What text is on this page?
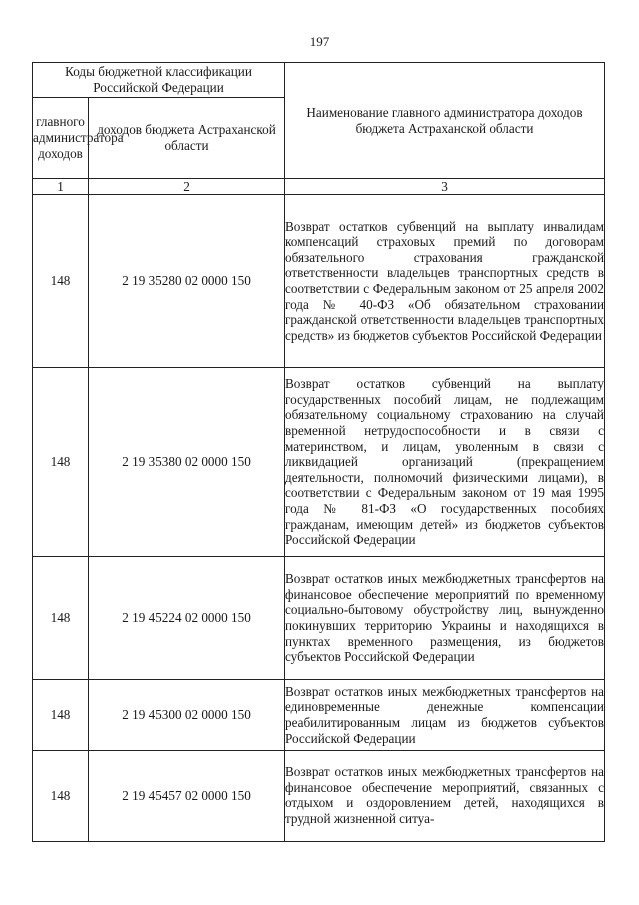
197
Коды бюджетной классификации Российской Федерации		Наименование главного администратора доходов бюджета Астраханской области
главного администратора доходов	доходов бюджета Астраханской области	
1	2	3
148	2 19 35280 02 0000 150	Возврат остатков субвенций на выплату инвалидам компенсаций страховых премий по договорам обязательного страхования гражданской ответственности владельцев транспортных средств в соответствии с Федеральным законом от 25 апреля 2002 года № 40-ФЗ «Об обязательном страховании гражданской ответственности владельцев транспортных средств» из бюджетов субъектов Российской Федерации
148	2 19 35380 02 0000 150	Возврат остатков субвенций на выплату государственных пособий лицам, не подлежащим обязательному социальному страхованию на случай временной нетрудоспособности и в связи с материнством, и лицам, уволенным в связи с ликвидацией организаций (прекращением деятельности, полномочий физическими лицами), в соответствии с Федеральным законом от 19 мая 1995 года № 81-ФЗ «О государственных пособиях гражданам, имеющим детей» из бюджетов субъектов Российской Федерации
148	2 19 45224 02 0000 150	Возврат остатков иных межбюджетных трансфертов на финансовое обеспечение мероприятий по временному социально-бытовому обустройству лиц, вынужденно покинувших территорию Украины и находящихся в пунктах временного размещения, из бюджетов субъектов Российской Федерации
148	2 19 45300 02 0000 150	Возврат остатков иных межбюджетных трансфертов на единовременные денежные компенсации реабилитированным лицам из бюджетов субъектов Российской Федерации
148	2 19 45457 02 0000 150	Возврат остатков иных межбюджетных трансфертов на финансовое обеспечение мероприятий, связанных с отдыхом и оздоровлением детей, находящихся в трудной жизненной ситуа-
